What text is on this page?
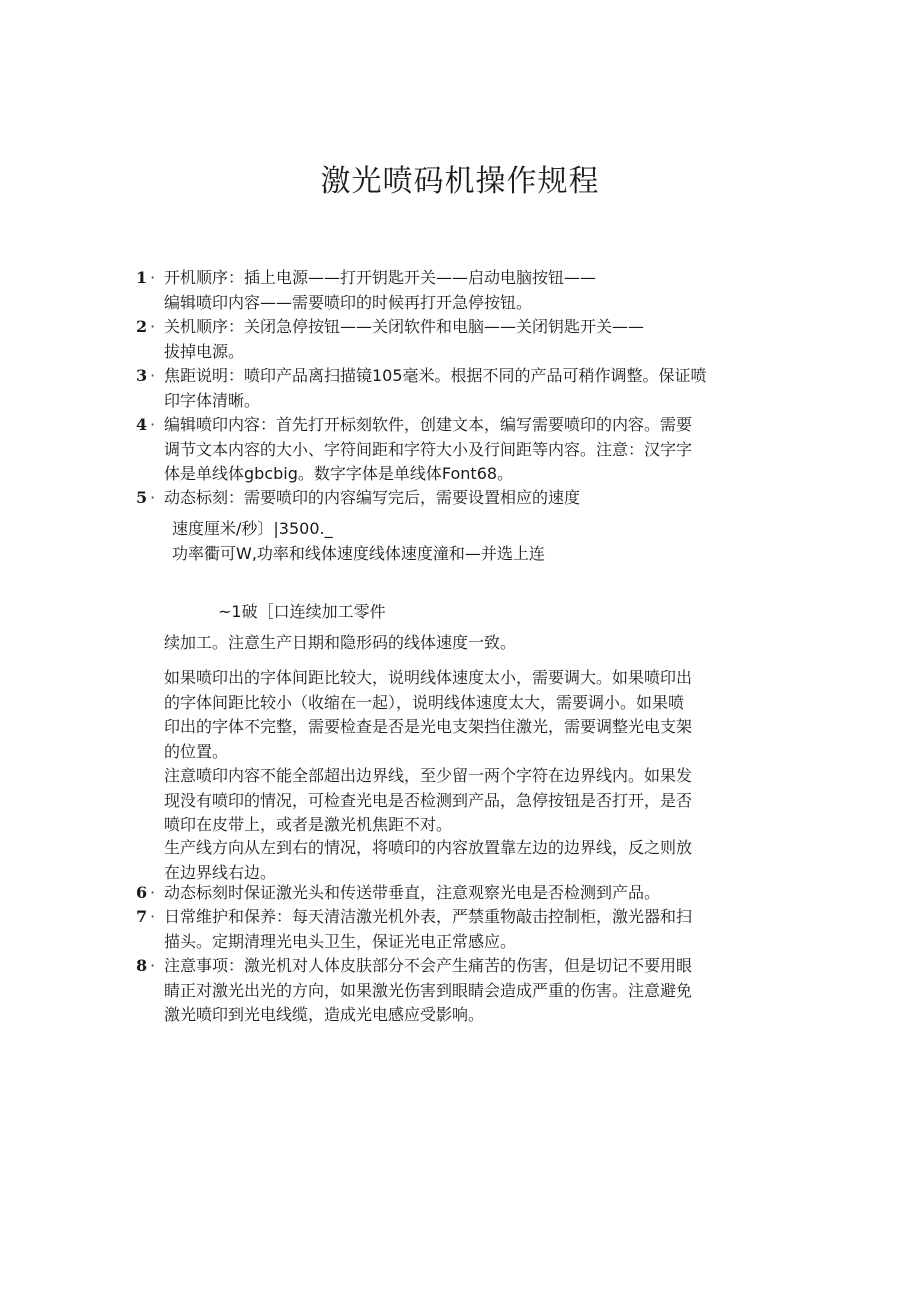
激光喷码机操作规程
1 · 开机顺序：插上电源——打开钥匙开关——启动电脑按钮——
编辑喷印内容——需要喷印的时候再打开急停按钮。
2 · 关机顺序：关闭急停按钮——关闭软件和电脑——关闭钥匙开关——
拔掉电源。
3 · 焦距说明：喷印产品离扫描镜105毫米。根据不同的产品可稍作调整。保证喷
印字体清晰。
4 · 编辑喷印内容：首先打开标刻软件，创建文本，编写需要喷印的内容。需要
调节文本内容的大小、字符间距和字符大小及行间距等内容。注意：汉字字
体是单线体gbcbig。数字字体是单线体Font68。
5 · 动态标刻：需要喷印的内容编写完后，需要设置相应的速度
速度厘米/秒〕|3500._
功率衢可W,功率和线体速度线体速度潼和—并选上连
~1破［口连续加工零件
续加工。注意生产日期和隐形码的线体速度一致。
如果喷印出的字体间距比较大，说明线体速度太小，需要调大。如果喷印出
的字体间距比较小（收缩在一起），说明线体速度太大，需要调小。如果喷
印出的字体不完整，需要检查是否是光电支架挡住激光，需要调整光电支架
的位置。
注意喷印内容不能全部超出边界线，至少留一两个字符在边界线内。如果发
现没有喷印的情况，可检查光电是否检测到产品，急停按钮是否打开，是否
喷印在皮带上，或者是激光机焦距不对。
生产线方向从左到右的情况，将喷印的内容放置靠左边的边界线，反之则放
在边界线右边。
6 · 动态标刻时保证激光头和传送带垂直，注意观察光电是否检测到产品。
7 · 日常维护和保养：每天清洁激光机外表，严禁重物敲击控制柜，激光器和扫
描头。定期清理光电头卫生，保证光电正常感应。
8 · 注意事项：激光机对人体皮肤部分不会产生痛苦的伤害，但是切记不要用眼
睛正对激光出光的方向，如果激光伤害到眼睛会造成严重的伤害。注意避免
激光喷印到光电线缆，造成光电感应受影响。
